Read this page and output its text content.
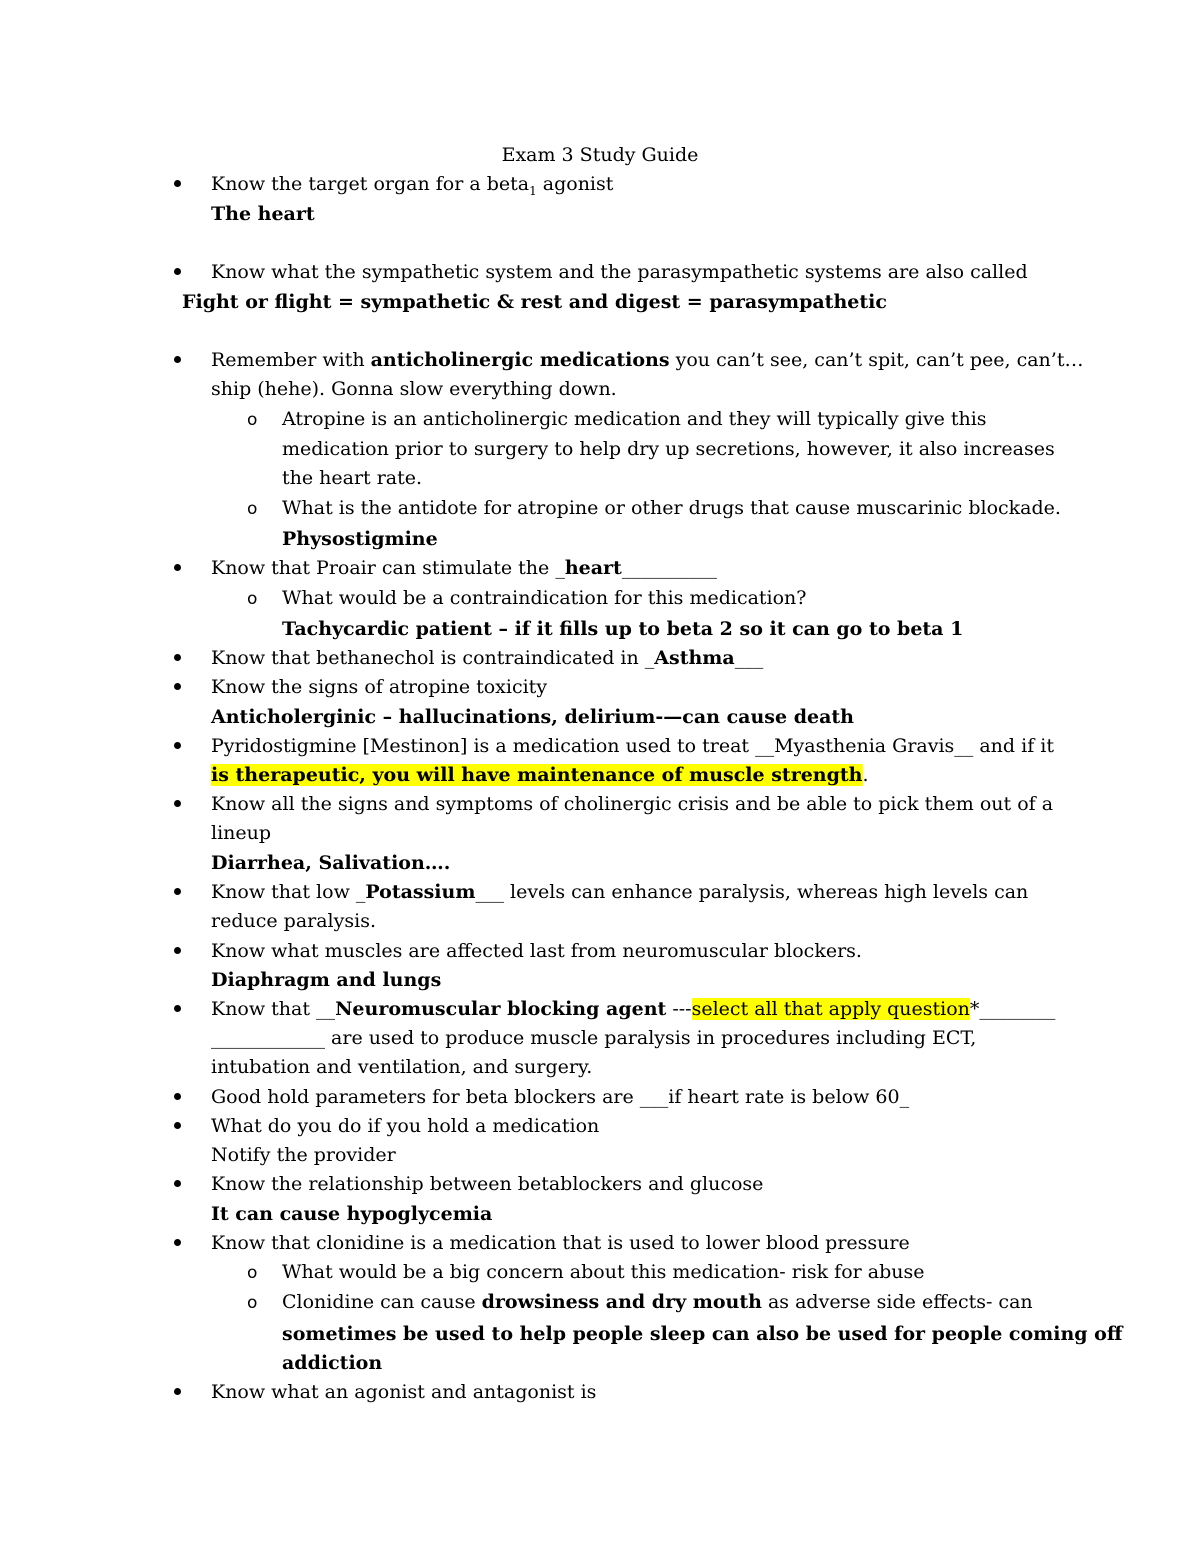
Exam 3 Study Guide
Know the target organ for a beta$_1$ agonist
The heart
Know what the sympathetic system and the parasympathetic systems are also called
Fight or flight = sympathetic & rest and digest = parasympathetic
Remember with anticholinergic medications you can’t see, can’t spit, can’t pee, can’t…
ship (hehe). Gonna slow everything down.
o Atropine is an anticholinergic medication and they will typically give this
medication prior to surgery to help dry up secretions, however, it also increases
the heart rate.
o What is the antidote for atropine or other drugs that cause muscarinic blockade.
Physostigmine
Know that Proair can stimulate the _heart__________
o What would be a contraindication for this medication?
Tachycardic patient – if it fills up to beta 2 so it can go to beta 1
Know that bethanechol is contraindicated in _Asthma___
Know the signs of atropine toxicity
Anticholerginic – hallucinations, delirium-—can cause death
Pyridostigmine [Mestinon] is a medication used to treat __Myasthenia Gravis__ and if it
is therapeutic, you will have maintenance of muscle strength.
Know all the signs and symptoms of cholinergic crisis and be able to pick them out of a
lineup
Diarrhea, Salivation….
Know that low _Potassium___ levels can enhance paralysis, whereas high levels can
reduce paralysis.
Know what muscles are affected last from neuromuscular blockers.
Diaphragm and lungs
Know that __Neuromuscular blocking agent ---select all that apply question*________
____________ are used to produce muscle paralysis in procedures including ECT,
intubation and ventilation, and surgery.
Good hold parameters for beta blockers are ___if heart rate is below 60_
What do you do if you hold a medication
Notify the provider
Know the relationship between betablockers and glucose
It can cause hypoglycemia
Know that clonidine is a medication that is used to lower blood pressure
o What would be a big concern about this medication- risk for abuse
o Clonidine can cause drowsiness and dry mouth as adverse side effects- can
sometimes be used to help people sleep can also be used for people coming off
addiction
Know what an agonist and antagonist is
